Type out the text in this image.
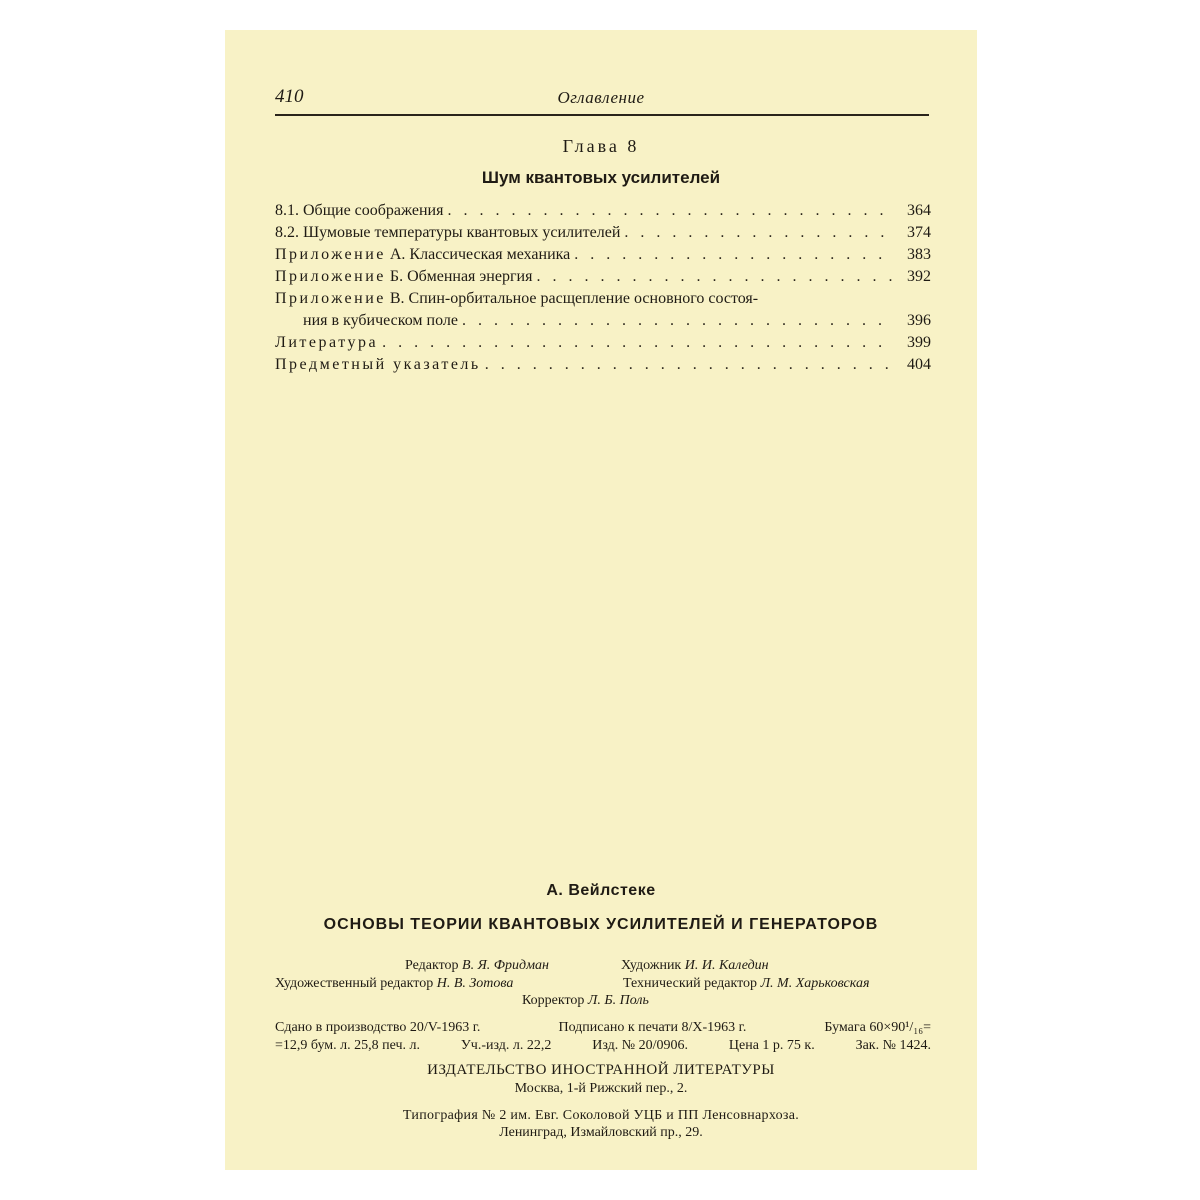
410	Оглавление
Глава 8
Шум квантовых усилителей
8.1. Общие соображения . . .	364
8.2. Шумовые температуры квантовых усилителей . . .	374
Приложение А. Классическая механика . . .	383
Приложение Б. Обменная энергия . . .	392
Приложение В. Спин-орбитальное расщепление основного состоя-
ния в кубическом поле . . .	396
Литература . . .	399
Предметный указатель . . .	404
А. Вейлстеке
ОСНОВЫ ТЕОРИИ КВАНТОВЫХ УСИЛИТЕЛЕЙ И ГЕНЕРАТОРОВ
Редактор В. Я. Фридман	Художник И. И. Каледин
Художественный редактор Н. В. Зотова	Технический редактор Л. М. Харьковская
Корректор Л. Б. Поль
Сдано в производство 20/V-1963 г.	Подписано к печати 8/X-1963 г.	Бумага 60×90¹/₁₆=
=12,9 бум. л. 25,8 печ. л.	Уч.-изд. л. 22,2	Изд. № 20/0906.	Цена 1 р. 75 к.	Зак. № 1424.
ИЗДАТЕЛЬСТВО ИНОСТРАННОЙ ЛИТЕРАТУРЫ
Москва, 1-й Рижский пер., 2.
Типография № 2 им. Евг. Соколовой УЦБ и ПП Ленсовнархоза.
Ленинград, Измайловский пр., 29.
